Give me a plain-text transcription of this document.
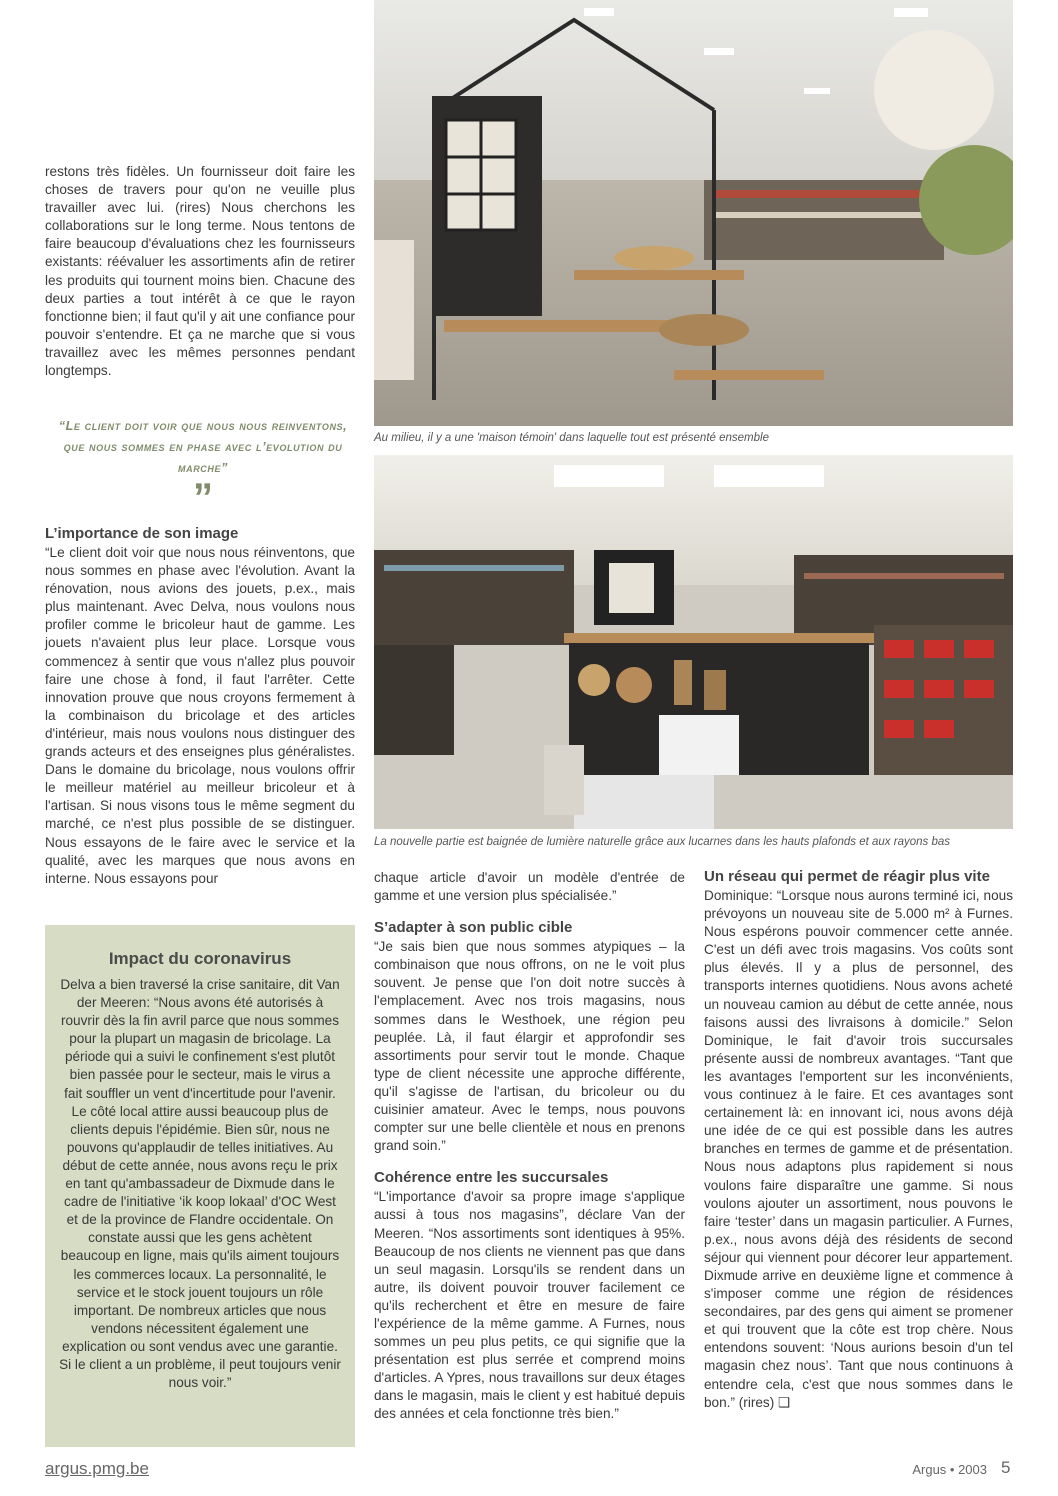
restons très fidèles. Un fournisseur doit faire les choses de travers pour qu'on ne veuille plus travailler avec lui. (rires) Nous cherchons les collaborations sur le long terme. Nous tentons de faire beaucoup d'évaluations chez les fournisseurs existants: réévaluer les assortiments afin de retirer les produits qui tournent moins bien. Chacune des deux parties a tout intérêt à ce que le rayon fonctionne bien; il faut qu'il y ait une confiance pour pouvoir s'entendre. Et ça ne marche que si vous travaillez avec les mêmes personnes pendant longtemps.

“Le client doit voir que nous nous reinventons, que nous sommes en phase avec l’evolution du marche”
”
L’importance de son image

“Le client doit voir que nous nous réinventons, que nous sommes en phase avec l'évolution. Avant la rénovation, nous avions des jouets, p.ex., mais plus maintenant. Avec Delva, nous voulons nous profiler comme le bricoleur haut de gamme. Les jouets n'avaient plus leur place. Lorsque vous commencez à sentir que vous n'allez plus pouvoir faire une chose à fond, il faut l'arrêter. Cette innovation prouve que nous croyons fermement à la combinaison du bricolage et des articles d'intérieur, mais nous voulons nous distinguer des grands acteurs et des enseignes plus généralistes. Dans le domaine du bricolage, nous voulons offrir le meilleur matériel au meilleur bricoleur et à l'artisan. Si nous visons tous le même segment du marché, ce n'est plus possible de se distinguer. Nous essayons de le faire avec le service et la qualité, avec les marques que nous avons en interne. Nous essayons pour

Impact du coronavirus

Delva a bien traversé la crise sanitaire, dit Van der Meeren: “Nous avons été autorisés à rouvrir dès la fin avril parce que nous sommes pour la plupart un magasin de bricolage. La période qui a suivi le confinement s'est plutôt bien passée pour le secteur, mais le virus a fait souffler un vent d'incertitude pour l'avenir. Le côté local attire aussi beaucoup plus de clients depuis l'épidémie. Bien sûr, nous ne pouvons qu'applaudir de telles initiatives. Au début de cette année, nous avons reçu le prix en tant qu'ambassadeur de Dixmude dans le cadre de l'initiative ‘ik koop lokaal’ d'OC West et de la province de Flandre occidentale. On constate aussi que les gens achètent beaucoup en ligne, mais qu'ils aiment toujours les commerces locaux. La personnalité, le service et le stock jouent toujours un rôle important. De nombreux articles que nous vendons nécessitent également une explication ou sont vendus avec une garantie. Si le client a un problème, il peut toujours venir nous voir.”

Au milieu, il y a une 'maison témoin' dans laquelle tout est présenté ensemble
La nouvelle partie est baignée de lumière naturelle grâce aux lucarnes dans les hauts plafonds et aux rayons bas

chaque article d'avoir un modèle d'entrée de gamme et une version plus spécialisée.”

S’adapter à son public cible

“Je sais bien que nous sommes atypiques – la combinaison que nous offrons, on ne le voit plus souvent. Je pense que l'on doit notre succès à l'emplacement. Avec nos trois magasins, nous sommes dans le Westhoek, une région peu peuplée. Là, il faut élargir et approfondir ses assortiments pour servir tout le monde. Chaque type de client nécessite une approche différente, qu'il s'agisse de l'artisan, du bricoleur ou du cuisinier amateur. Avec le temps, nous pouvons compter sur une belle clientèle et nous en prenons grand soin.”

Cohérence entre les succursales

“L'importance d'avoir sa propre image s'applique aussi à tous nos magasins”, déclare Van der Meeren. “Nos assortiments sont identiques à 95%. Beaucoup de nos clients ne viennent pas que dans un seul magasin. Lorsqu'ils se rendent dans un autre, ils doivent pouvoir trouver facilement ce qu'ils recherchent et être en mesure de faire l'expérience de la même gamme. A Furnes, nous sommes un peu plus petits, ce qui signifie que la présentation est plus serrée et comprend moins d'articles. A Ypres, nous travaillons sur deux étages dans le magasin, mais le client y est habitué depuis des années et cela fonctionne très bien.”

Un réseau qui permet de réagir plus vite

Dominique: “Lorsque nous aurons terminé ici, nous prévoyons un nouveau site de 5.000 m² à Furnes. Nous espérons pouvoir commencer cette année. C'est un défi avec trois magasins. Vos coûts sont plus élevés. Il y a plus de personnel, des transports internes quotidiens. Nous avons acheté un nouveau camion au début de cette année, nous faisons aussi des livraisons à domicile.” Selon Dominique, le fait d'avoir trois succursales présente aussi de nombreux avantages. “Tant que les avantages l'emportent sur les inconvénients, vous continuez à le faire. Et ces avantages sont certainement là: en innovant ici, nous avons déjà une idée de ce qui est possible dans les autres branches en termes de gamme et de présentation. Nous nous adaptons plus rapidement si nous voulons faire disparaître une gamme. Si nous voulons ajouter un assortiment, nous pouvons le faire ‘tester’ dans un magasin particulier. A Furnes, p.ex., nous avons déjà des résidents de second séjour qui viennent pour décorer leur appartement. Dixmude arrive en deuxième ligne et commence à s'imposer comme une région de résidences secondaires, par des gens qui aiment se promener et qui trouvent que la côte est trop chère. Nous entendons souvent: ‘Nous aurions besoin d'un tel magasin chez nous’. Tant que nous continuons à entendre cela, c'est que nous sommes dans le bon.” (rires) ❑

argus.pmg.be	Argus • 2003 5
